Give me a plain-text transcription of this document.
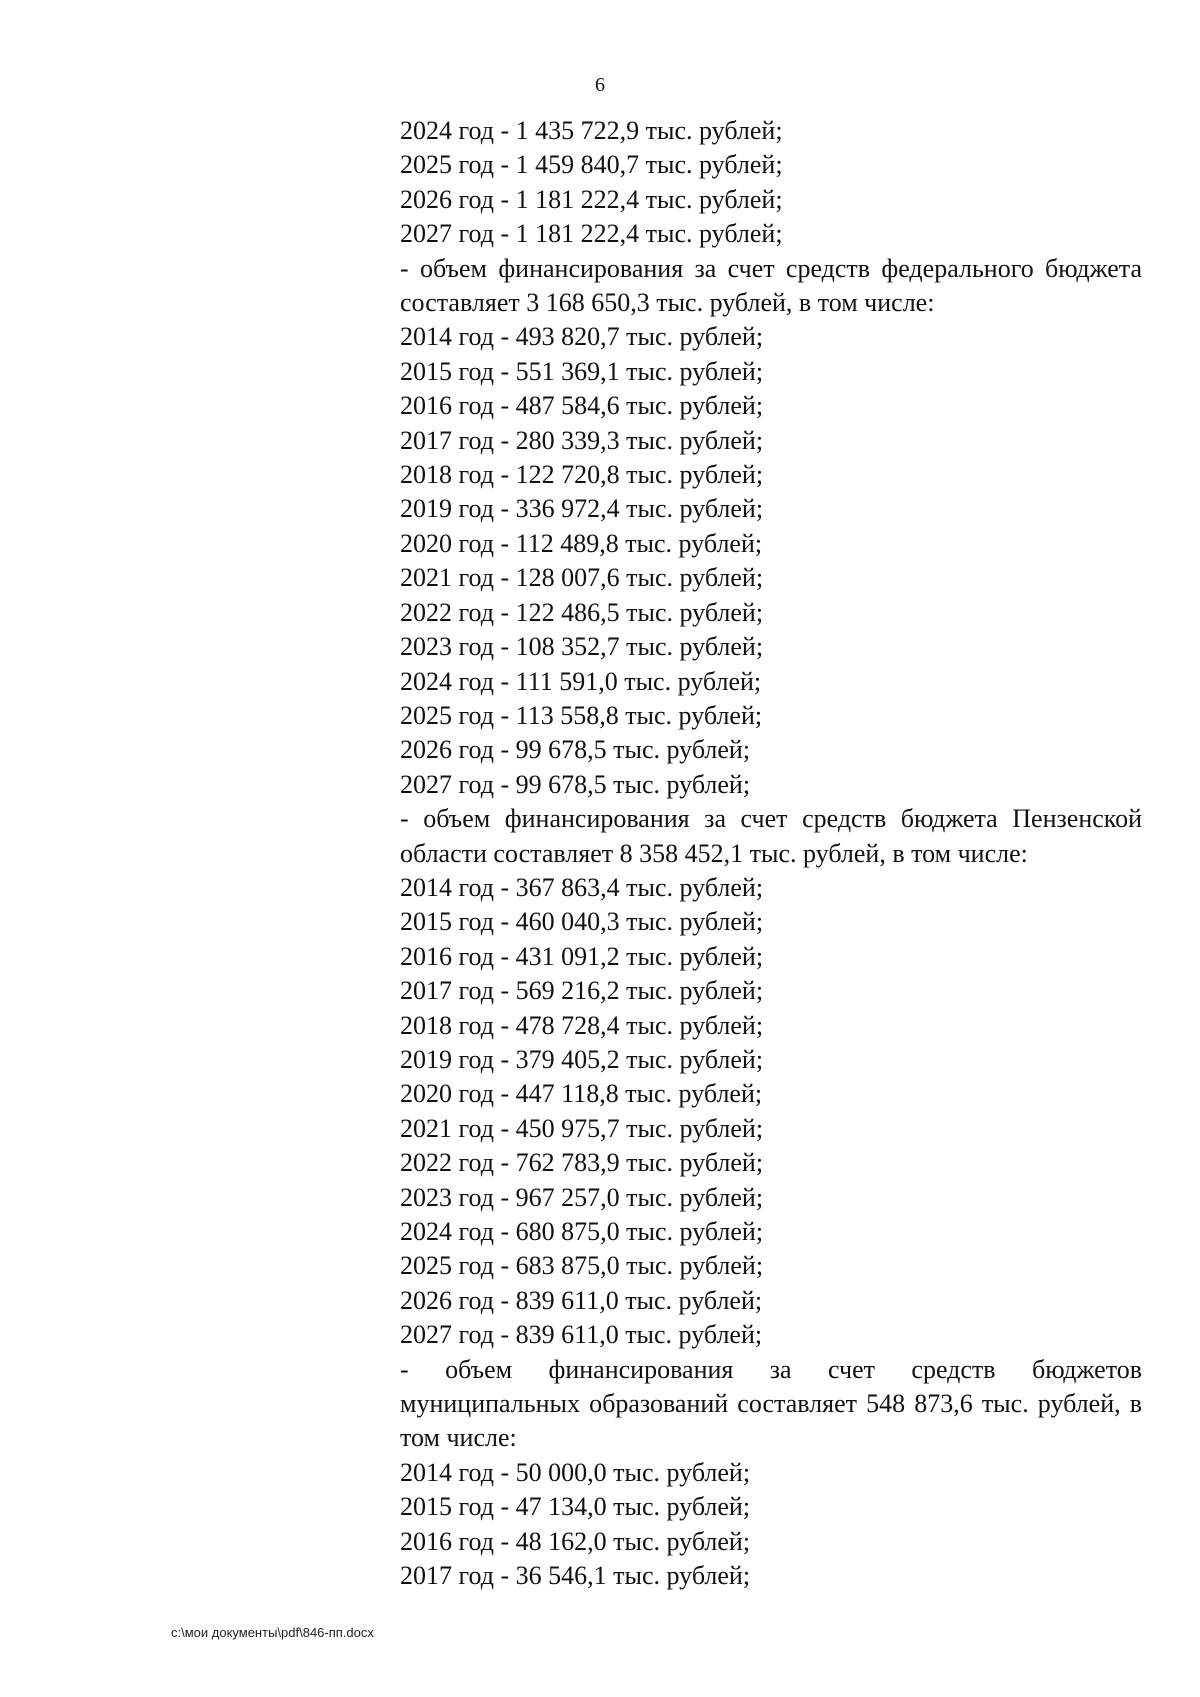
6
2024 год - 1 435 722,9 тыс. рублей;
2025 год - 1 459 840,7 тыс. рублей;
2026 год - 1 181 222,4 тыс. рублей;
2027 год - 1 181 222,4 тыс. рублей;
- объем финансирования за счет средств федерального бюджета составляет 3 168 650,3 тыс. рублей, в том числе:
2014 год - 493 820,7 тыс. рублей;
2015 год - 551 369,1 тыс. рублей;
2016 год - 487 584,6 тыс. рублей;
2017 год - 280 339,3 тыс. рублей;
2018 год - 122 720,8 тыс. рублей;
2019 год - 336 972,4 тыс. рублей;
2020 год - 112 489,8 тыс. рублей;
2021 год - 128 007,6 тыс. рублей;
2022 год - 122 486,5 тыс. рублей;
2023 год - 108 352,7 тыс. рублей;
2024 год - 111 591,0 тыс. рублей;
2025 год - 113 558,8 тыс. рублей;
2026 год - 99 678,5 тыс. рублей;
2027 год - 99 678,5 тыс. рублей;
- объем финансирования за счет средств бюджета Пензенской области составляет 8 358 452,1 тыс. рублей, в том числе:
2014 год - 367 863,4 тыс. рублей;
2015 год - 460 040,3 тыс. рублей;
2016 год - 431 091,2 тыс. рублей;
2017 год - 569 216,2 тыс. рублей;
2018 год - 478 728,4 тыс. рублей;
2019 год - 379 405,2 тыс. рублей;
2020 год - 447 118,8 тыс. рублей;
2021 год - 450 975,7 тыс. рублей;
2022 год - 762 783,9 тыс. рублей;
2023 год - 967 257,0 тыс. рублей;
2024 год - 680 875,0 тыс. рублей;
2025 год - 683 875,0 тыс. рублей;
2026 год - 839 611,0 тыс. рублей;
2027 год - 839 611,0 тыс. рублей;
- объем финансирования за счет средств бюджетов муниципальных образований составляет 548 873,6 тыс. рублей, в том числе:
2014 год - 50 000,0 тыс. рублей;
2015 год - 47 134,0 тыс. рублей;
2016 год - 48 162,0 тыс. рублей;
2017 год - 36 546,1 тыс. рублей;
c:\мои документы\pdf\846-пп.docx
